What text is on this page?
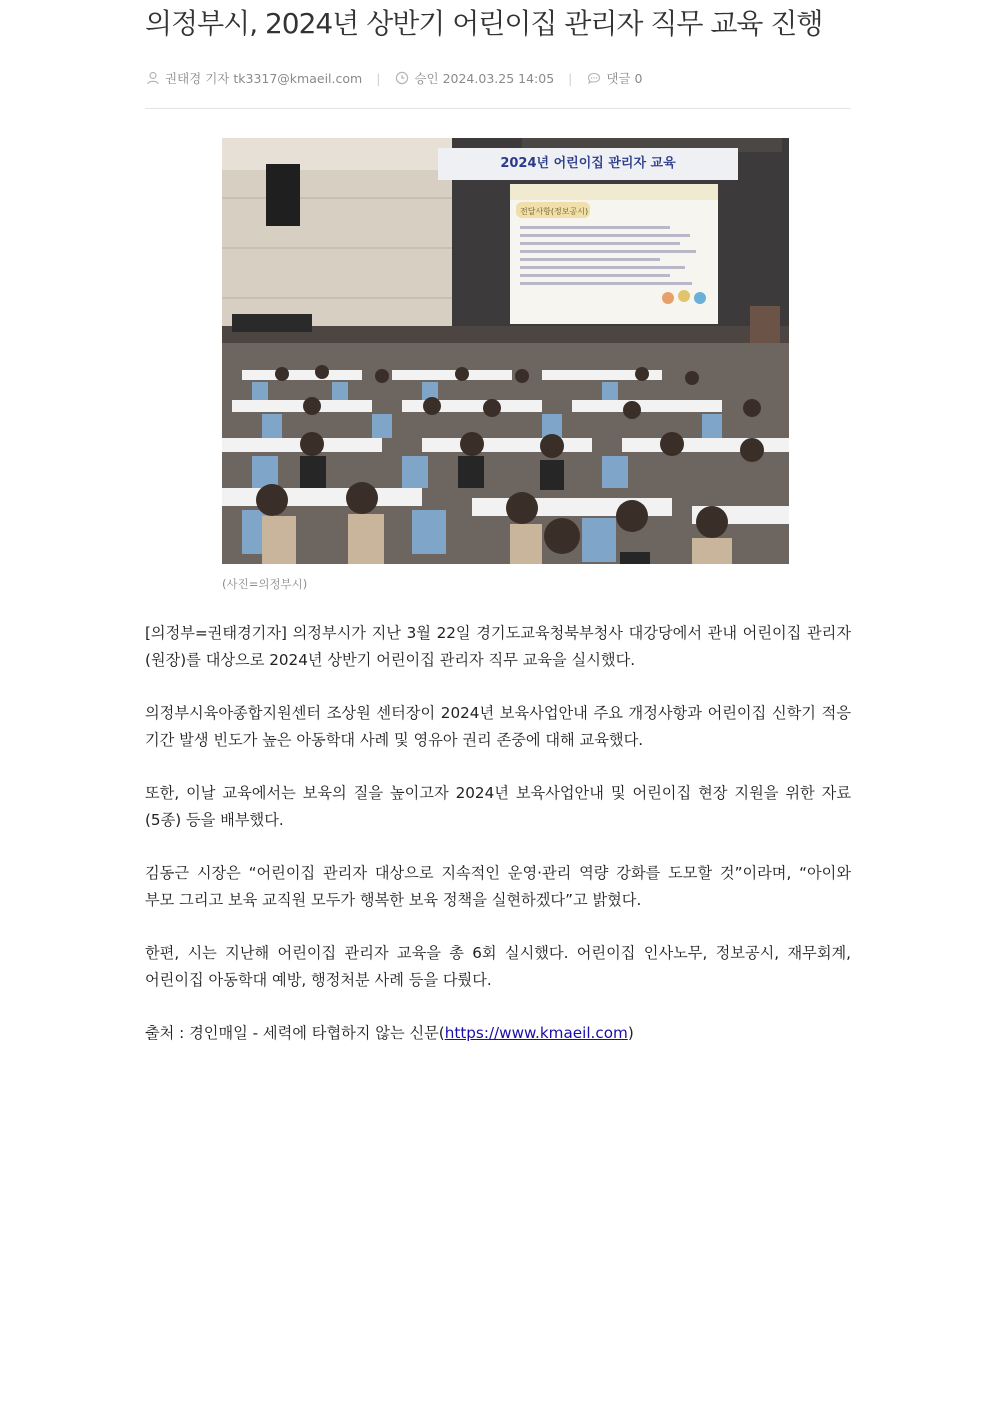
의정부시, 2024년 상반기 어린이집 관리자 직무 교육 진행
권태경 기자 tk3317@kmaeil.com |	승인 2024.03.25 14:05 |	댓글 0
2024년 어린이집 관리자 교육
전달사항(정보공시)
(사진=의정부시)

[의정부=권태경기자] 의정부시가 지난 3월 22일 경기도교육청북부청사 대강당에서 관내 어린이집 관리자(원장)를 대상으로 2024년 상반기 어린이집 관리자 직무 교육을 실시했다.

의정부시육아종합지원센터 조상원 센터장이 2024년 보육사업안내 주요 개정사항과 어린이집 신학기 적응 기간 발생 빈도가 높은 아동학대 사례 및 영유아 권리 존중에 대해 교육했다.

또한, 이날 교육에서는 보육의 질을 높이고자 2024년 보육사업안내 및 어린이집 현장 지원을 위한 자료(5종) 등을 배부했다.

김동근 시장은 “어린이집 관리자 대상으로 지속적인 운영·관리 역량 강화를 도모할 것”이라며, “아이와 부모 그리고 보육 교직원 모두가 행복한 보육 정책을 실현하겠다”고 밝혔다.

한편, 시는 지난해 어린이집 관리자 교육을 총 6회 실시했다. 어린이집 인사노무, 정보공시, 재무회계, 어린이집 아동학대 예방, 행정처분 사례 등을 다뤘다.

출처 : 경인매일 - 세력에 타협하지 않는 신문(https://www.kmaeil.com)
